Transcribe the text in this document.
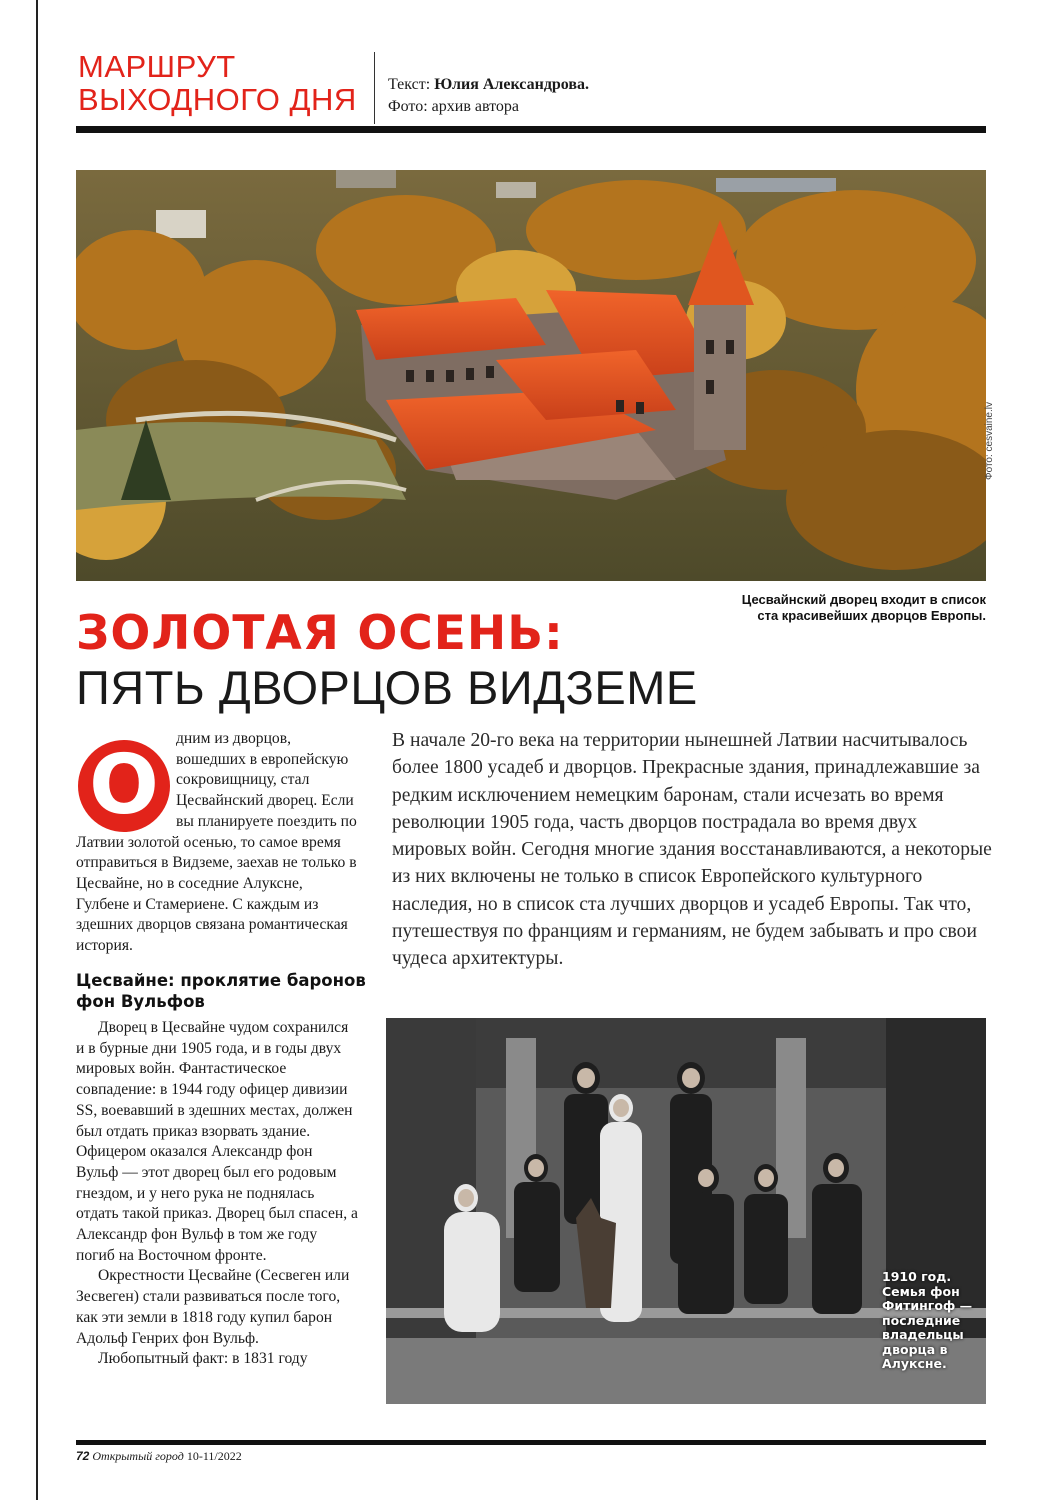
МАРШРУТ
ВЫХОДНОГО ДНЯ	Текст: Юлия Александрова.
Фото: архив автора
Фото: cesvaine.lv
Цесвайнский дворец входит в список ста красивейших дворцов Европы.
ЗОЛОТАЯ ОСЕНЬ:
ПЯТЬ ДВОРЦОВ ВИДЗЕМЕ
дним из дворцов, вошедших в европейскую сокровищницу, стал Цесвайнский дворец. Если вы планируете поездить по Латвии золотой осенью, то самое время отправиться в Видземе, заехав не только в Цесвайне, но в соседние Алуксне, Гулбене и Стамериене. С каждым из здешних дворцов связана романтическая история.
О	В начале 20-го века на территории нынешней Латвии насчитывалось более 1800 усадеб и дворцов. Прекрасные здания, принадлежавшие за редким исключением немецким баронам, стали исчезать во время революции 1905 года, часть дворцов пострадала во время двух мировых войн. Сегодня многие здания восстанавливаются, а некоторые из них включены не только в список Европейского культурного наследия, но в список ста лучших дворцов и усадеб Европы. Так что, путешествуя по франциям и германиям, не будем забывать и про свои чудеса архитектуры.
Цесвайне: проклятие баронов фон Вульфов

Дворец в Цесвайне чудом сохранился и в бурные дни 1905 года, и в годы двух мировых войн. Фантастическое совпадение: в 1944 году офицер дивизии SS, воевавший в здешних местах, должен был отдать приказ взорвать здание. Офицером оказался Александр фон Вульф — этот дворец был его родовым гнездом, и у него рука не поднялась отдать такой приказ. Дворец был спасен, а Александр фон Вульф в том же году погиб на Восточном фронте.

Окрестности Цесвайне (Сесвеген или Зесвеген) стали развиваться после того, как эти земли в 1818 году купил барон Адольф Генрих фон Вульф.

Любопытный факт: в 1831 году

1910 год. Семья фон Фитингоф — последние владельцы дворца в Алуксне.
72 Открытый город 10-11/2022
